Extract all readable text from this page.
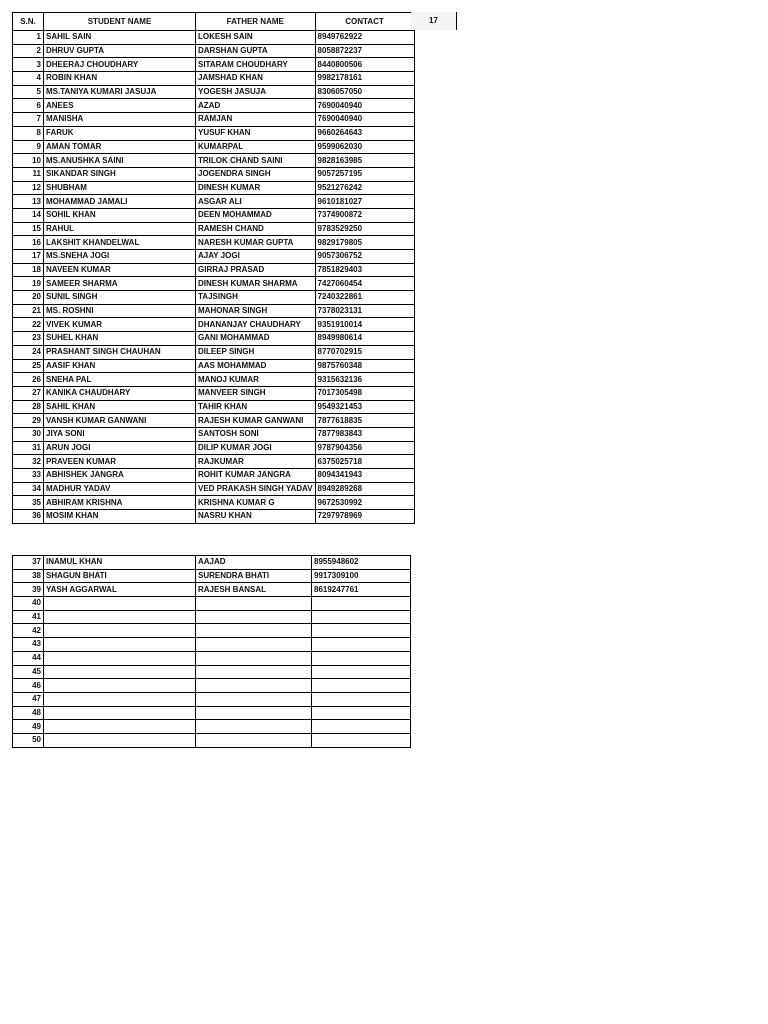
S.N.	STUDENT NAME	FATHER NAME	CONTACT
1	SAHIL SAIN	LOKESH SAIN	8949762922
2	DHRUV GUPTA	DARSHAN GUPTA	8058872237
3	DHEERAJ CHOUDHARY	SITARAM CHOUDHARY	8440800506
4	ROBIN KHAN	JAMSHAD KHAN	9982178161
5	MS.TANIYA KUMARI JASUJA	YOGESH JASUJA	8306057050
6	ANEES	AZAD	7690040940
7	MANISHA	RAMJAN	7690040940
8	FARUK	YUSUF KHAN	9660264643
9	AMAN TOMAR	KUMARPAL	9599062030
10	MS.ANUSHKA SAINI	TRILOK CHAND SAINI	9828163985
11	SIKANDAR SINGH	JOGENDRA SINGH	9057257195
12	SHUBHAM	DINESH KUMAR	9521276242
13	MOHAMMAD JAMALI	ASGAR ALI	9610181027
14	SOHIL KHAN	DEEN MOHAMMAD	7374900872
15	RAHUL	RAMESH CHAND	9783529250
16	LAKSHIT KHANDELWAL	NARESH KUMAR GUPTA	9829179805
17	MS.SNEHA JOGI	AJAY JOGI	9057306752
18	NAVEEN KUMAR	GIRRAJ PRASAD	7851829403
19	SAMEER SHARMA	DINESH KUMAR SHARMA	7427060454
20	SUNIL SINGH	TAJSINGH	7240322861
21	MS. ROSHNI	MAHONAR SINGH	7378023131
22	VIVEK KUMAR	DHANANJAY CHAUDHARY	9351910014
23	SUHEL KHAN	GANI MOHAMMAD	8949980614
24	PRASHANT SINGH CHAUHAN	DILEEP SINGH	8770702915
25	AASIF KHAN	AAS MOHAMMAD	9875760348
26	SNEHA PAL	MANOJ KUMAR	9315632136
27	KANIKA CHAUDHARY	MANVEER SINGH	7017305498
28	SAHIL KHAN	TAHIR KHAN	9549321453
29	VANSH KUMAR GANWANI	RAJESH KUMAR GANWANI	7877618835
30	JIYA SONI	SANTOSH SONI	7877983843
31	ARUN JOGI	DILIP KUMAR JOGI	9787904356
32	PRAVEEN KUMAR	RAJKUMAR	6375025718
33	ABHISHEK JANGRA	ROHIT KUMAR JANGRA	8094341943
34	MADHUR YADAV	VED PRAKASH SINGH YADAV	8949289268
35	ABHIRAM KRISHNA	KRISHNA KUMAR G	9672530992
36	MOSIM KHAN	NASRU KHAN	7297978969
17
37	INAMUL KHAN	AAJAD	8955948602
38	SHAGUN BHATI	SURENDRA BHATI	9917309100
39	YASH AGGARWAL	RAJESH BANSAL	8619247761
40			
41			
42			
43			
44			
45			
46			
47			
48			
49			
50			
